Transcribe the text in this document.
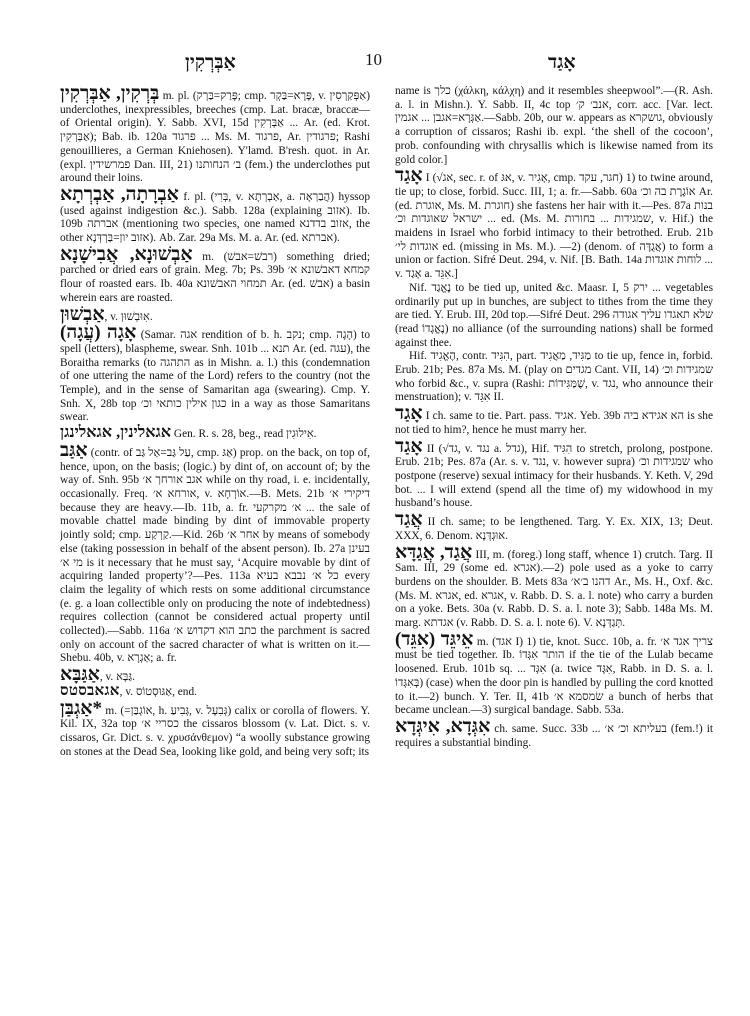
אַבְּרְקִין	10	אָגַד

בְּרְקִין, אַבְּרְקִין m. pl. (פָּרַק=בַּרְק; cmp. פָּרָא=בַּקְר, v. אַפְּקַרְסִין) underclothes, inexpressibles, breeches (cmp. Lat. bracæ, braccæ—of Oriental origin). Y. Sabb. XVI, 15d אַבְּרְקִין ... Ar. (ed. Krot. אַבְּרְקִין); Bab. ib. 120a פרגוד ... Ms. M. פרגוד, Ar. פרגודין; Rashi genouillieres, a German Kniehosen). Y'lamd. B'resh. quot. in Ar. (expl. פמרשידין Dan. III, 21) ב׳ הנחותנו (fem.) the underclothes put around their loins.

אַבְרָתָה, אַבְרְתָא f. pl. (בְּרִי, v. אַבְרְתָא, a. הֲבַרְאָה) hyssop (used against indigestion &c.). Sabb. 128a (explaining אזוב). Ib. 109b אברתה (mentioning two species, one named אזוב בדדנא, the other אזוב יון=בַּרְדְּנָא). Ab. Zar. 29a Ms. M. a. Ar. (ed. אברתא).

אַבְשׁוּנָא, אֲבִישָׁנָא m. (רבשׁ=אבשׁ) something dried; parched or dried ears of grain. Meg. 7b; Ps. 39b קמחא דאבשׁונא א׳ flour of roasted ears. Ib. 40a תמחוי האבשׁונא Ar. (ed. אבשׁ) a basin wherein ears are roasted.

אַבְשׁוּן, v. אִוּבְשׁוּן.

אָגָה (עֲגָה) (Samar. אגה rendition of b. h. נקב; cmp. הָגָה) to spell (letters), blaspheme, swear. Snh. 101b ... תנא Ar. (ed. עגה), the Boraitha remarks (to התהגה as in Mishn. a. l.) this (condemnation of one uttering the name of the Lord) refers to the country (not the Temple), and in the sense of Samaritan aga (swearing). Cmp. Y. Snh. X, 28b top כגון אילין כותאי וכ׳ in a way as those Samaritans swear.

אגאלינין, אגאלינגן Gen. R. s. 28, beg., read אִילוּגִין.

אַגַּב (contr. of עַל גַּב=אַל גַּב, cmp. אַגּ) prop. on the back, on top of, hence, upon, on the basis; (logic.) by dint of, on account of; by the way of. Snh. 95b אגב אורחך א׳ while on thy road, i. e. incidentally, occasionally. Freq. אורחא א׳, v. אוֹרְחָא.—B. Mets. 21b דיקירי א׳ because they are heavy.—Ib. 11b, a. fr. א׳ מקרקעי ... the sale of movable chattel made binding by dint of immovable property jointly sold; cmp. קַרְקַע.—Kid. 26b אחר א׳ by means of somebody else (taking possession in behalf of the absent person). Ib. 27a בעינן מי א׳ is it necessary that he must say, ‘Acquire movable by dint of acquiring landed property’?—Pes. 113a כל א׳ נבבא בעיא every claim the legality of which rests on some additional circumstance (e. g. a loan collectible only on producing the note of indebtedness) requires collection (cannot be considered actual property until collected).—Sabb. 116a כתב הוא דקדוש א׳ the parchment is sacred only on account of the sacred character of what is written on it.— Shebu. 40b, v. אַגְרָא; a. fr.

אַגַּבָּא, v. גַּבָּא.

אגאבסטס, v. אַגּוּסְטוֹס, end.

*אַגְבַּן m. (=אוֹגְבַּן, h. גְּבִיעַ, v. גְּבִעָל) calix or corolla of flowers. Y. Kil. IX, 32a top כסריי א׳ the cissaros blossom (v. Lat. Dict. s. v. cissaros, Gr. Dict. s. v. χρυσάνθεμον) “a woolly substance growing on stones at the Dead Sea, looking like gold, and being very soft; its

name is כלך (χάλκη, κάλχη) and it resembles sheepwool”.—(R. Ash. a. l. in Mishn.). Y. Sabb. II, 4c top אנב׳ ק׳, corr. acc. [Var. lect. אַגְּרָא=אגבן ... אגמין.—Sabb. 20b, our w. appears as גושקרא, obviously a corruption of cissaros; Rashi ib. expl. ‘the shell of the cocoon’, prob. confounding with chrysallis which is likewise named from its gold color.]

אָגַד I (√אג, sec. r. of אגּ, v. אָגִיר, cmp. חגר, עקד) 1) to twine around, tie up; to close, forbid. Succ. III, 1; a. fr.—Sabb. 60a אוֹגֶרֶת בה וכ׳ Ar. (ed. אוגרת, Ms. M. חוגרת) she fastens her hair with it.—Pes. 87a בנות ישראל שאוגדות וכ׳ ... ed. (Ms. M. שמגידות ... בחורות, v. Hif.) the maidens in Israel who forbid intimacy to their betrothed. Erub. 21b אוגדות לי׳ ed. (missing in Ms. M.). —2) (denom. of אֲגֻדָּה) to form a union or faction. Sifré Deut. 294, v. Nif. [B. Bath. 14a לוחות אוגדות ... v. אָגַד a. אִגֵּד.]

Nif. נֶאֱגַד to be tied up, united &c. Maasr. I, 5 ירק ... vegetables ordinarily put up in bunches, are subject to tithes from the time they are tied. Y. Erub. III, 20d top.—Sifré Deut. 296 שלא תאגדו עליך אגודה (read נֶאֱגָדוֹ) no alliance (of the surrounding nations) shall be formed against thee.

Hif. הֶאֱגִיד, contr. הִגִּיד, part. מַגִּיד, מַאֲגִיד to tie up, fence in, forbid. Erub. 21b; Pes. 87a Ms. M. (play on מגדים Cant. VII, 14) שמגידות וכ׳ who forbid &c., v. supra (Rashi: שֶׁמַּגִּידוֹת, v. נגד, who announce their menstruation); v. אִגֵּד II.

אָגַד I ch. same to tie. Part. pass. אגיד. Yeb. 39b הא אגידא ביה is she not tied to him?, hence he must marry her.

אָגַד II (√גד, v. נגד a. גדל), Hif. הִגִּיד to stretch, prolong, postpone. Erub. 21b; Pes. 87a (Ar. s. v. נגד, v. however supra) שמגידות וכ׳ who postpone (reserve) sexual intimacy for their husbands. Y. Keth. V, 29d bot. ... I will extend (spend all the time of) my widowhood in my husband’s house.

אֲגַד II ch. same; to be lengthened. Targ. Y. Ex. XIX, 13; Deut. XXX, 6. Denom. אוּגְדְּנָא.

אֲגַד, אֲגַדָּא III, m. (foreg.) long staff, whence 1) crutch. Targ. II Sam. III, 29 (some ed. אגרא).—2) pole used as a yoke to carry burdens on the shoulder. B. Mets 83a דהנו ב׳א׳ Ar., Ms. H., Oxf. &c. (Ms. M. אגרא, ed. אגרא, v. Rabb. D. S. a. l. note) who carry a burden on a yoke. Bets. 30a (v. Rabb. D. S. a. l. note 3); Sabb. 148a Ms. M. marg. אגדתא (v. Rabb. D. S. a. l. note 6). V. תְּגַדְּנָא.

אֵיגֵּד (אִגֵּד) m. (אגד I) 1) tie, knot. Succ. 10b, a. fr. צריך אגד א׳ must be tied together. Ib. הותר אִגְּדוֹ if the tie of the Lulab became loosened. Erub. 101b sq. ... אִגְּד (a. twice אִגָּד, Rabb. in D. S. a. l. בְּאִגְּדוֹ) (case) when the door pin is handled by pulling the cord knotted to it.—2) bunch. Y. Ter. II, 41b שׂמסמא א׳ a bunch of herbs that became unclean.—3) surgical bandage. Sabb. 53a.

אִגְּדָא, אִיגְּדָא ch. same. Succ. 33b ... בעליתא וכ׳ א׳ (fem.!) it requires a substantial binding.
